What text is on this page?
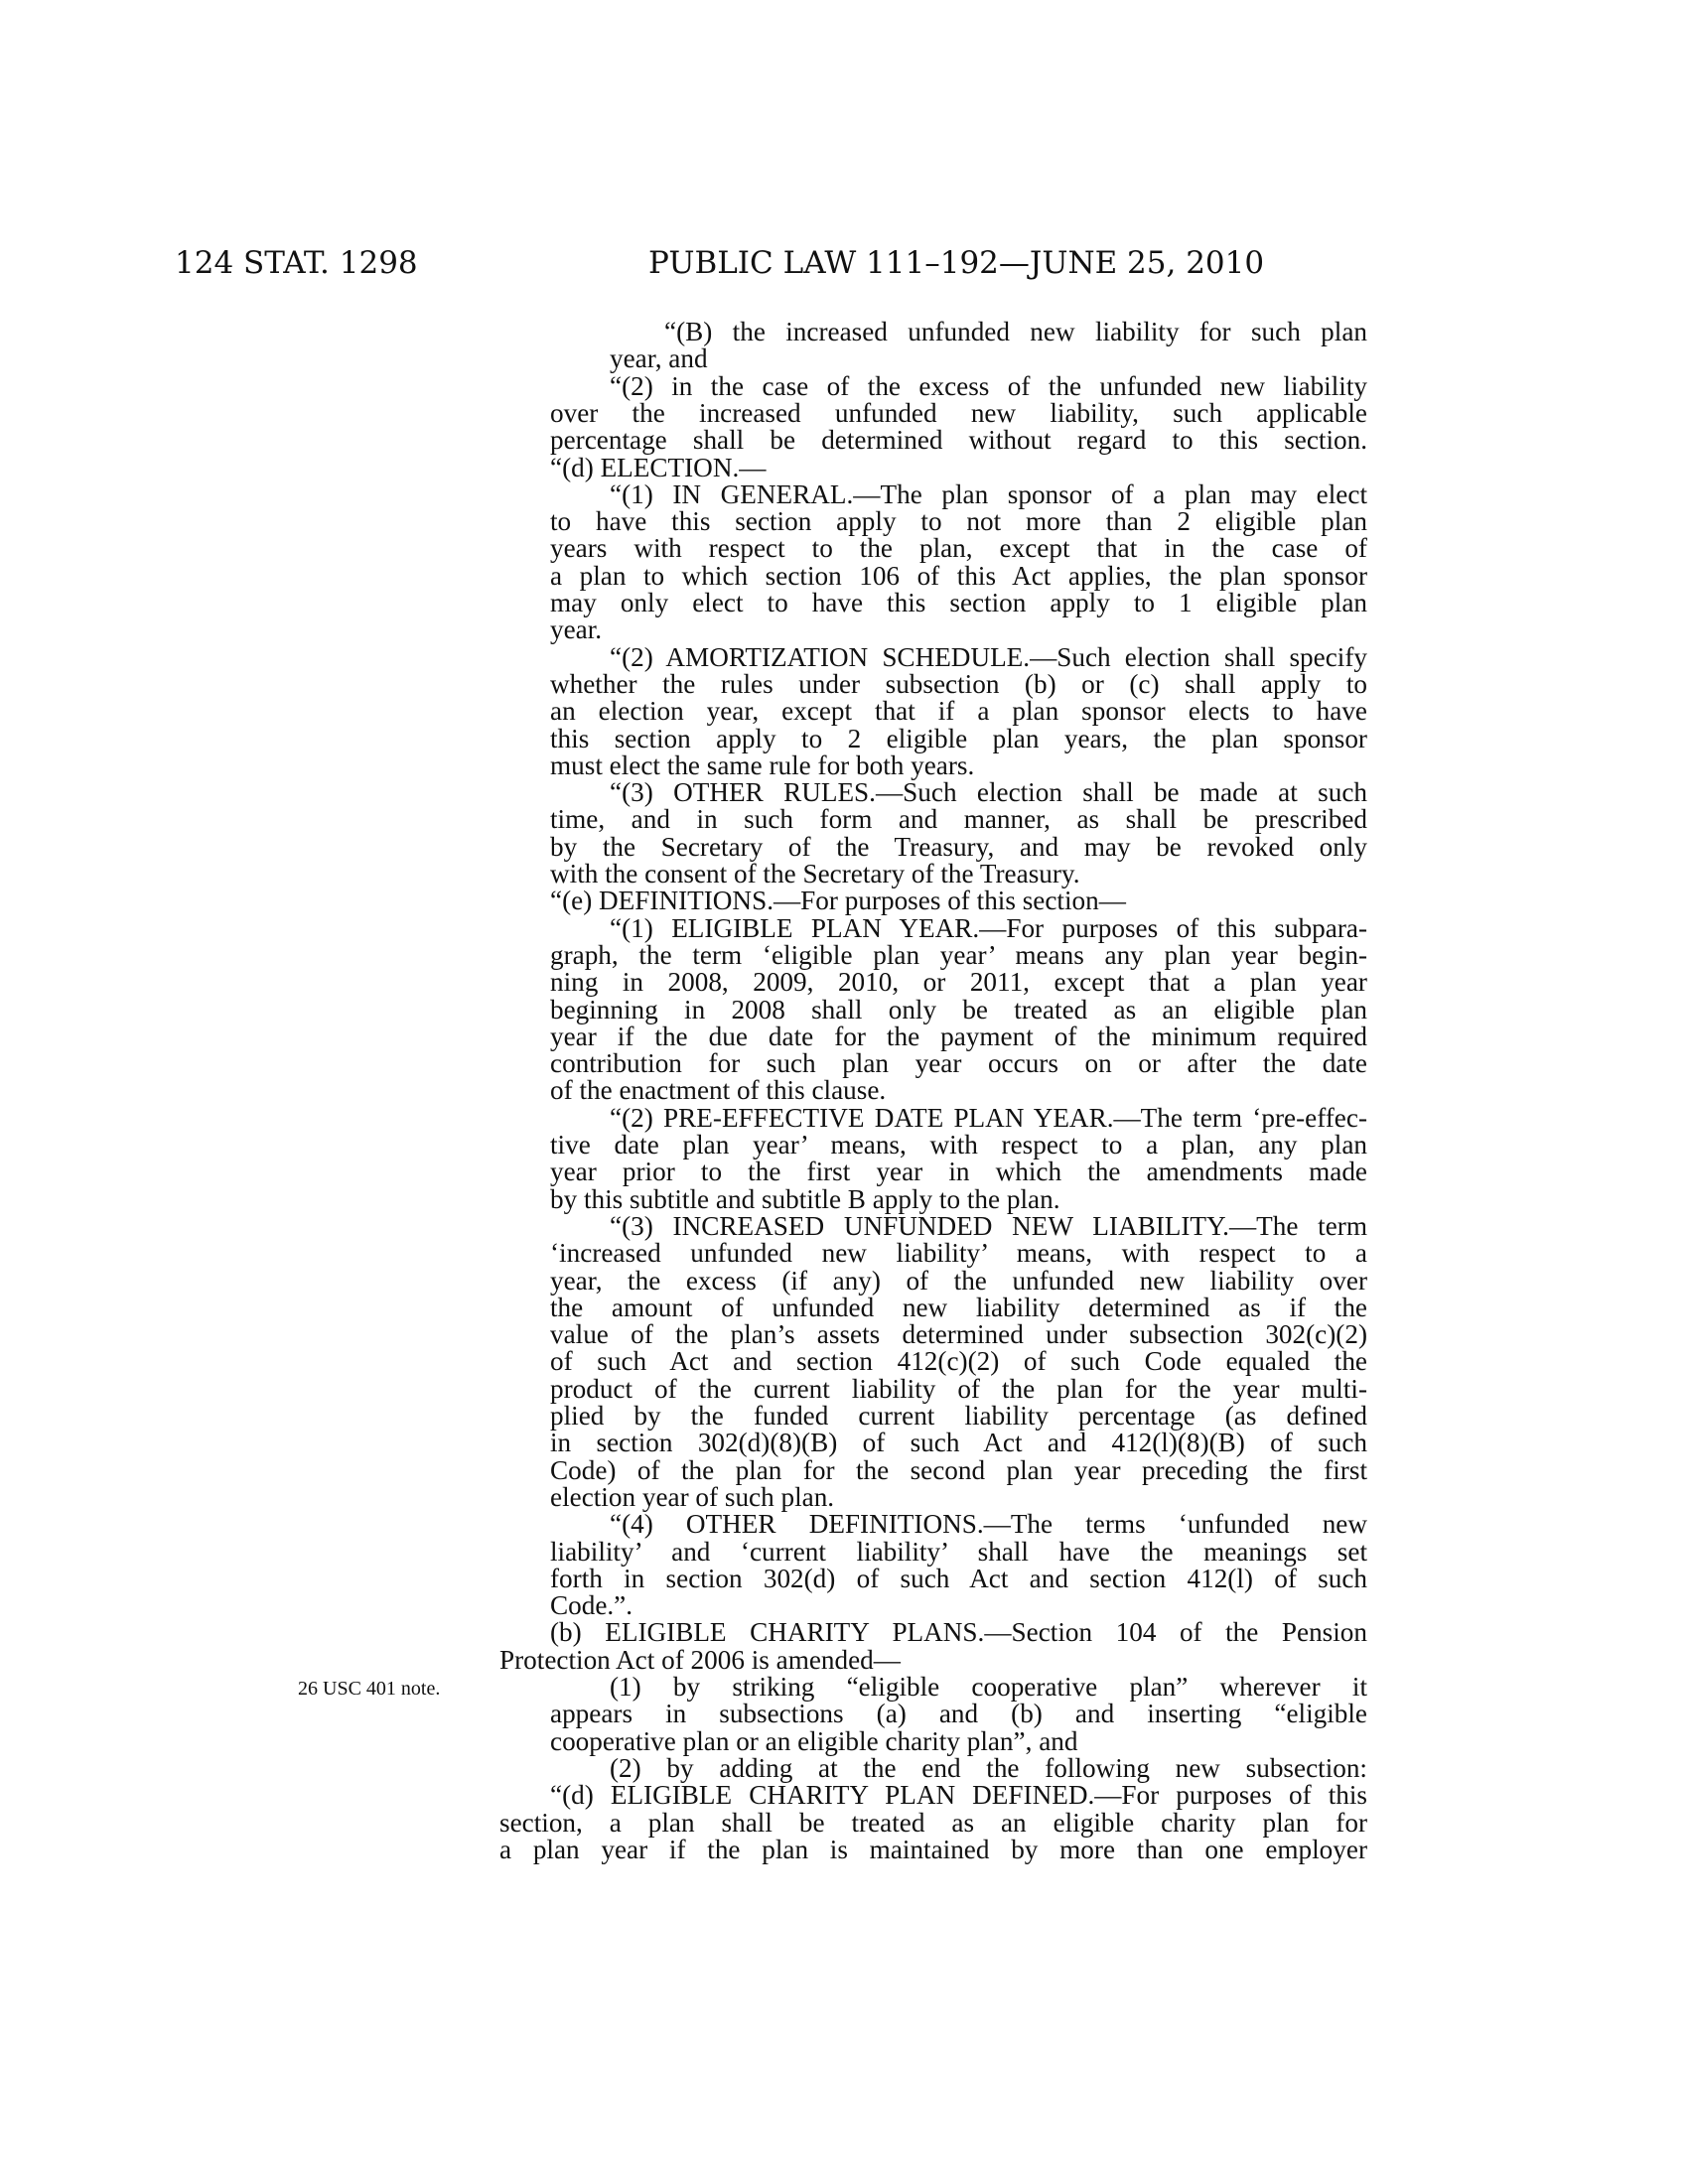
124 STAT. 1298	PUBLIC LAW 111–192—JUNE 25, 2010
“(B) the increased unfunded new liability for such plan
year, and
“(2) in the case of the excess of the unfunded new liability
over the increased unfunded new liability, such applicable
percentage shall be determined without regard to this section.
“(d) ELECTION.—
“(1) IN GENERAL.—The plan sponsor of a plan may elect
to have this section apply to not more than 2 eligible plan
years with respect to the plan, except that in the case of
a plan to which section 106 of this Act applies, the plan sponsor
may only elect to have this section apply to 1 eligible plan
year.
“(2) AMORTIZATION SCHEDULE.—Such election shall specify
whether the rules under subsection (b) or (c) shall apply to
an election year, except that if a plan sponsor elects to have
this section apply to 2 eligible plan years, the plan sponsor
must elect the same rule for both years.
“(3) OTHER RULES.—Such election shall be made at such
time, and in such form and manner, as shall be prescribed
by the Secretary of the Treasury, and may be revoked only
with the consent of the Secretary of the Treasury.
“(e) DEFINITIONS.—For purposes of this section—
“(1) ELIGIBLE PLAN YEAR.—For purposes of this subpara-
graph, the term ‘eligible plan year’ means any plan year begin-
ning in 2008, 2009, 2010, or 2011, except that a plan year
beginning in 2008 shall only be treated as an eligible plan
year if the due date for the payment of the minimum required
contribution for such plan year occurs on or after the date
of the enactment of this clause.
“(2) PRE-EFFECTIVE DATE PLAN YEAR.—The term ‘pre-effec-
tive date plan year’ means, with respect to a plan, any plan
year prior to the first year in which the amendments made
by this subtitle and subtitle B apply to the plan.
“(3) INCREASED UNFUNDED NEW LIABILITY.—The term
‘increased unfunded new liability’ means, with respect to a
year, the excess (if any) of the unfunded new liability over
the amount of unfunded new liability determined as if the
value of the plan’s assets determined under subsection 302(c)(2)
of such Act and section 412(c)(2) of such Code equaled the
product of the current liability of the plan for the year multi-
plied by the funded current liability percentage (as defined
in section 302(d)(8)(B) of such Act and 412(l)(8)(B) of such
Code) of the plan for the second plan year preceding the first
election year of such plan.
“(4) OTHER DEFINITIONS.—The terms ‘unfunded new
liability’ and ‘current liability’ shall have the meanings set
forth in section 302(d) of such Act and section 412(l) of such
Code.”.
(b) ELIGIBLE CHARITY PLANS.—Section 104 of the Pension
Protection Act of 2006 is amended—
(1) by striking “eligible cooperative plan” wherever it
appears in subsections (a) and (b) and inserting “eligible
cooperative plan or an eligible charity plan”, and
(2) by adding at the end the following new subsection:
“(d) ELIGIBLE CHARITY PLAN DEFINED.—For purposes of this
section, a plan shall be treated as an eligible charity plan for
a plan year if the plan is maintained by more than one employer
26 USC 401 note.
